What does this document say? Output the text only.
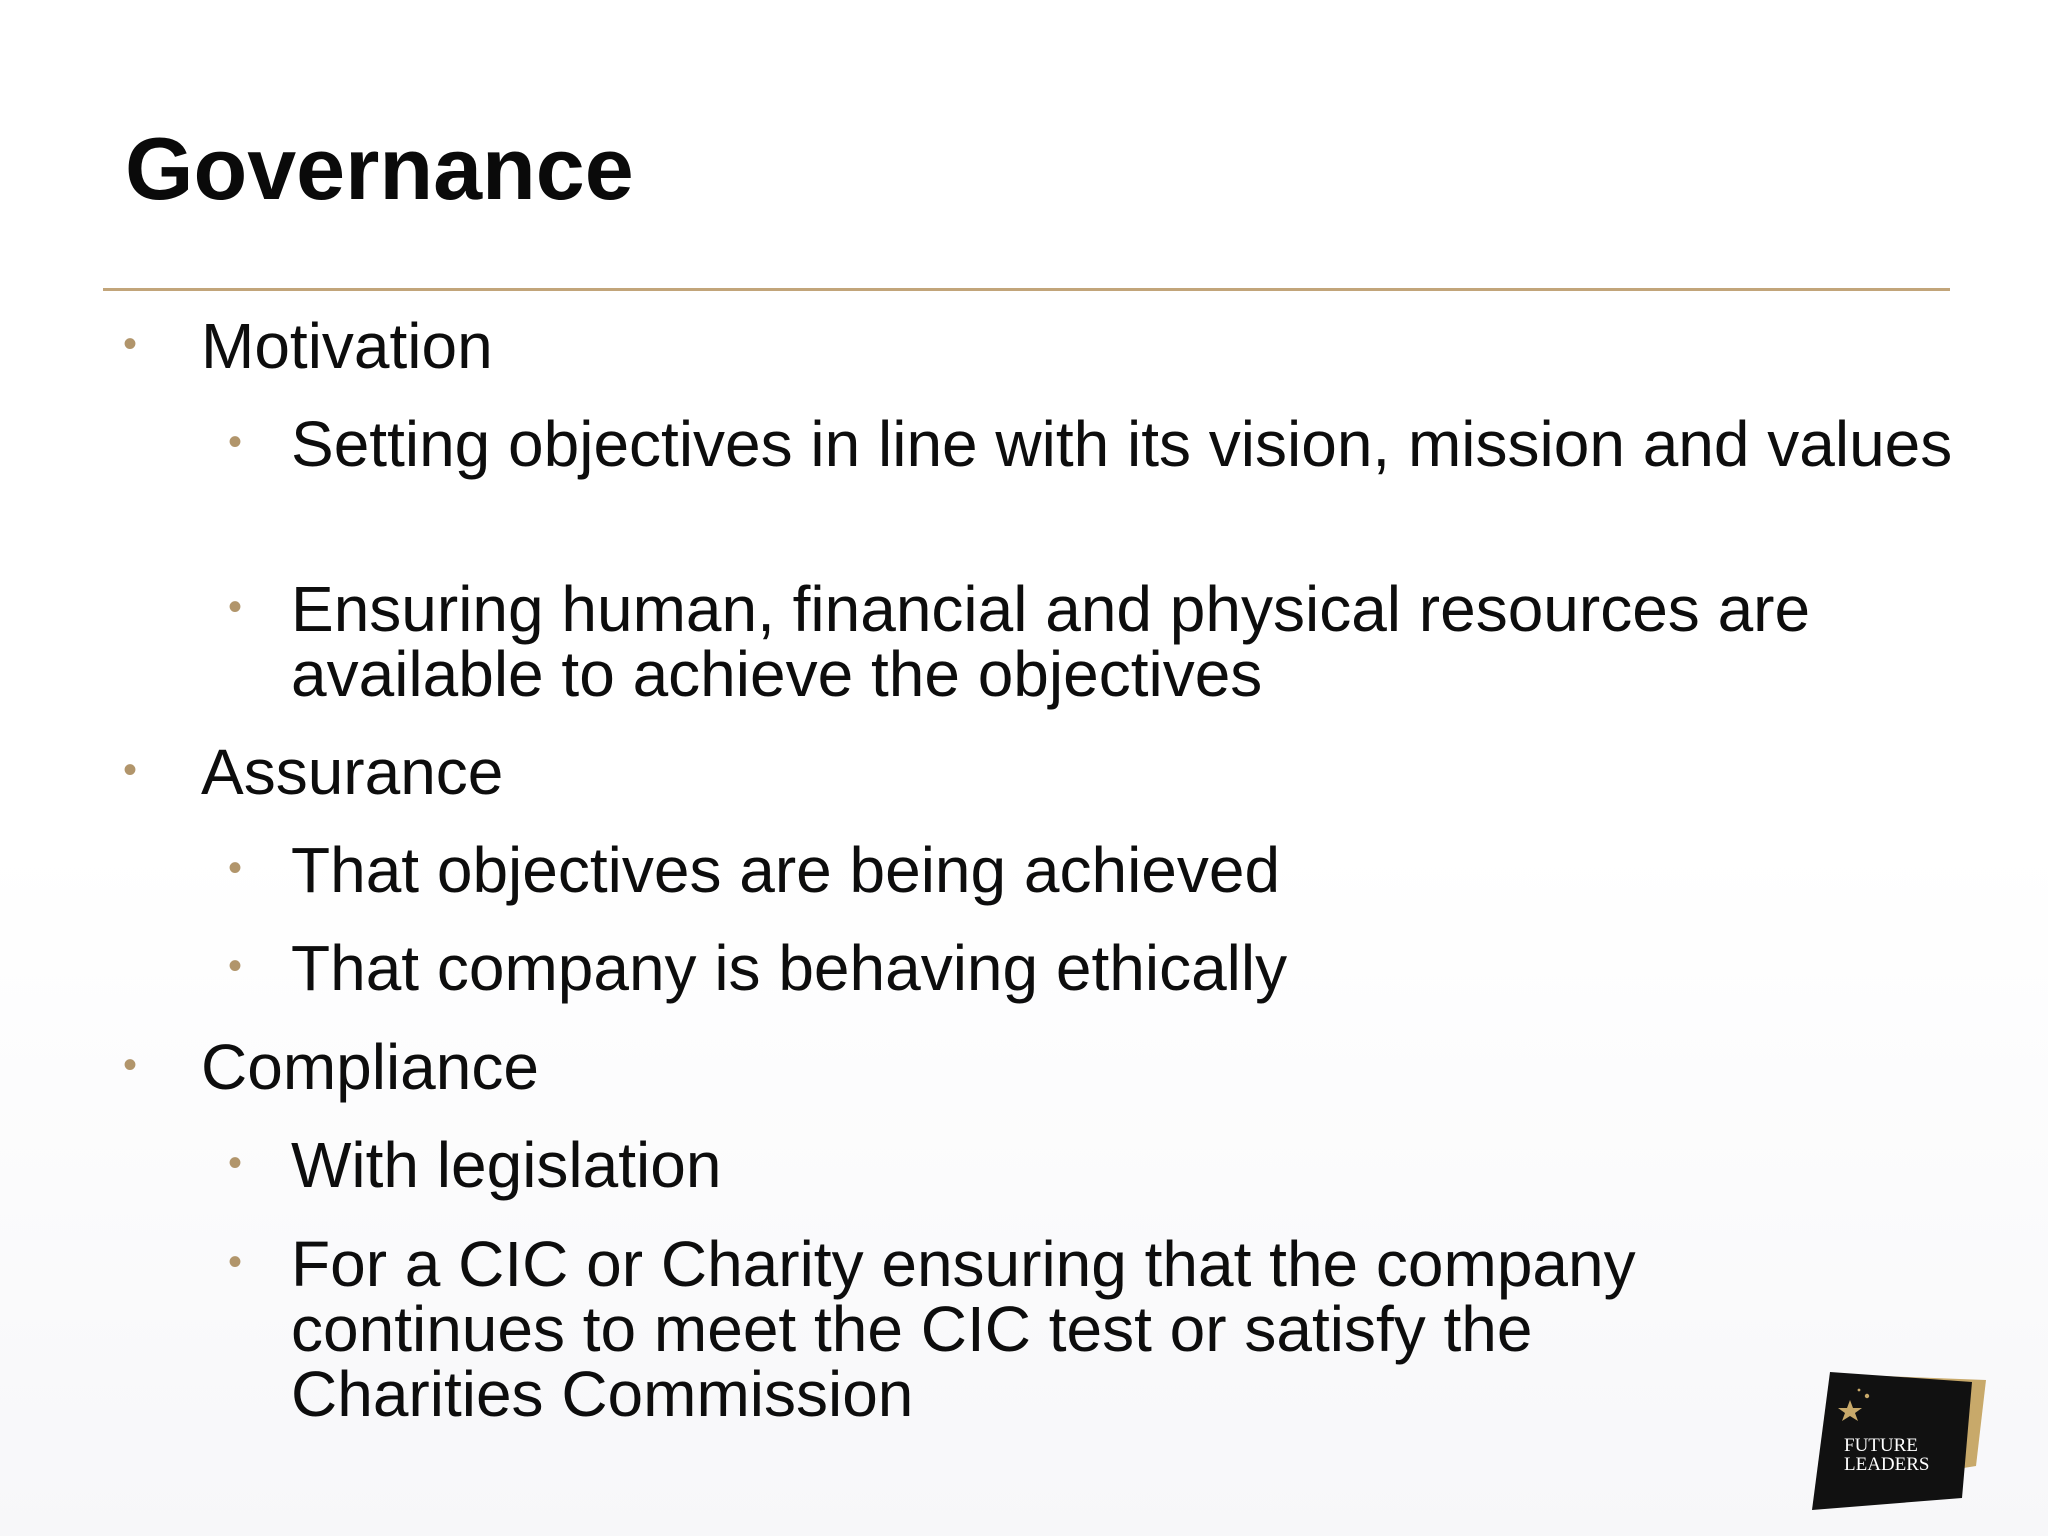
Governance
• Motivation
• Setting objectives in line with its vision, mission and values
• Ensuring human, financial and physical resources are available to achieve the objectives
• Assurance
• That objectives are being achieved
• That company is behaving ethically
• Compliance
• With legislation
• For a CIC or Charity ensuring that the company continues to meet the CIC test or satisfy the Charities Commission
FUTURE
LEADERS
